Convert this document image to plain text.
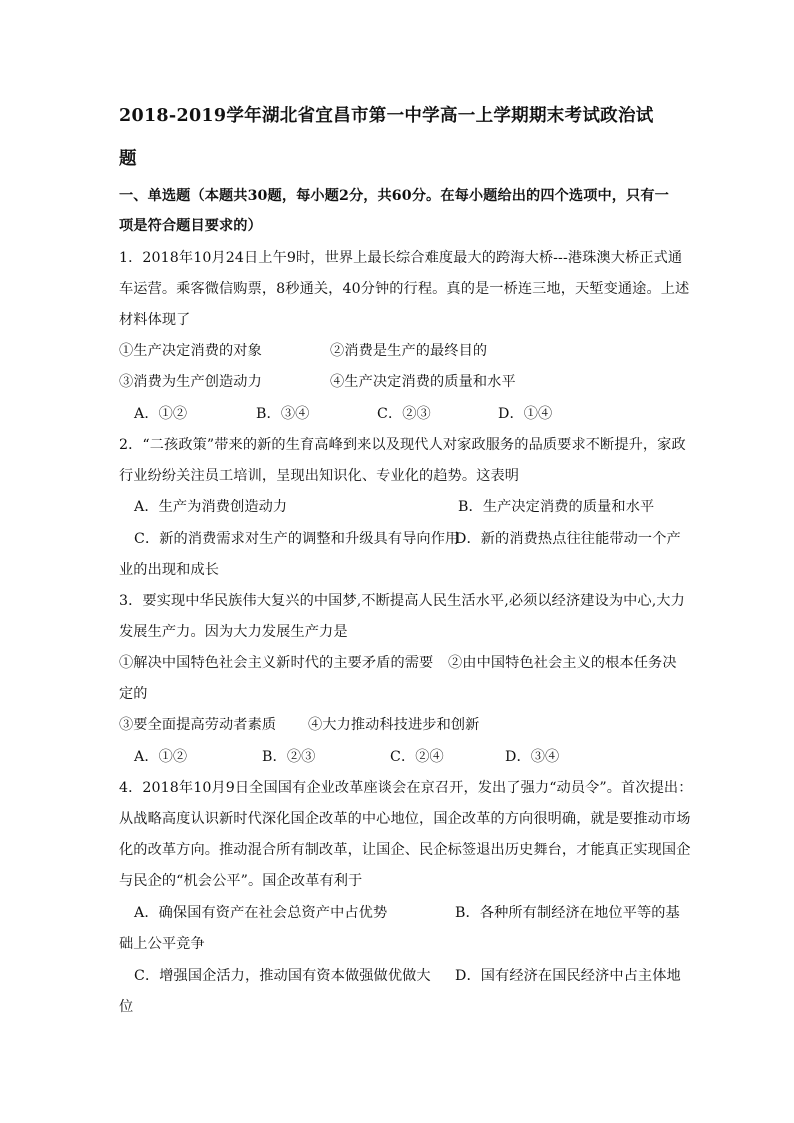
2018-2019学年湖北省宜昌市第一中学高一上学期期末考试政治试
题
一、单选题（本题共30题，每小题2分，共60分。在每小题给出的四个选项中，只有一
项是符合题目要求的）
1．2018年10月24日上午9时，世界上最长综合难度最大的跨海大桥---港珠澳大桥正式通
车运营。乘客微信购票，8秒通关，40分钟的行程。真的是一桥连三地，天堑变通途。上述
材料体现了
①生产决定消费的对象	②消费是生产的最终目的
③消费为生产创造动力	④生产决定消费的质量和水平
A．①②	B．③④	C．②③	D．①④
2．“二孩政策”带来的新的生育高峰到来以及现代人对家政服务的品质要求不断提升，家政
行业纷纷关注员工培训，呈现出知识化、专业化的趋势。这表明
A．生产为消费创造动力	B．生产决定消费的质量和水平
C．新的消费需求对生产的调整和升级具有导向作用
D．新的消费热点往往能带动一个产
业的出现和成长
3．要实现中华民族伟大复兴的中国梦,不断提高人民生活水平,必须以经济建设为中心,大力
发展生产力。因为大力发展生产力是
①解决中国特色社会主义新时代的主要矛盾的需要 ②由中国特色社会主义的根本任务决
定的
③要全面提高劳动者素质 ④大力推动科技进步和创新
A．①②	B．②③	C．②④	D．③④
4．2018年10月9日全国国有企业改革座谈会在京召开，发出了强力“动员令”。首次提出：
从战略高度认识新时代深化国企改革的中心地位，国企改革的方向很明确，就是要推动市场
化的改革方向。推动混合所有制改革，让国企、民企标签退出历史舞台，才能真正实现国企
与民企的“机会公平”。国企改革有利于
A．确保国有资产在社会总资产中占优势	B．各种所有制经济在地位平等的基
础上公平竞争
C．增强国企活力，推动国有资本做强做优做大 D．国有经济在国民经济中占主体地
位
